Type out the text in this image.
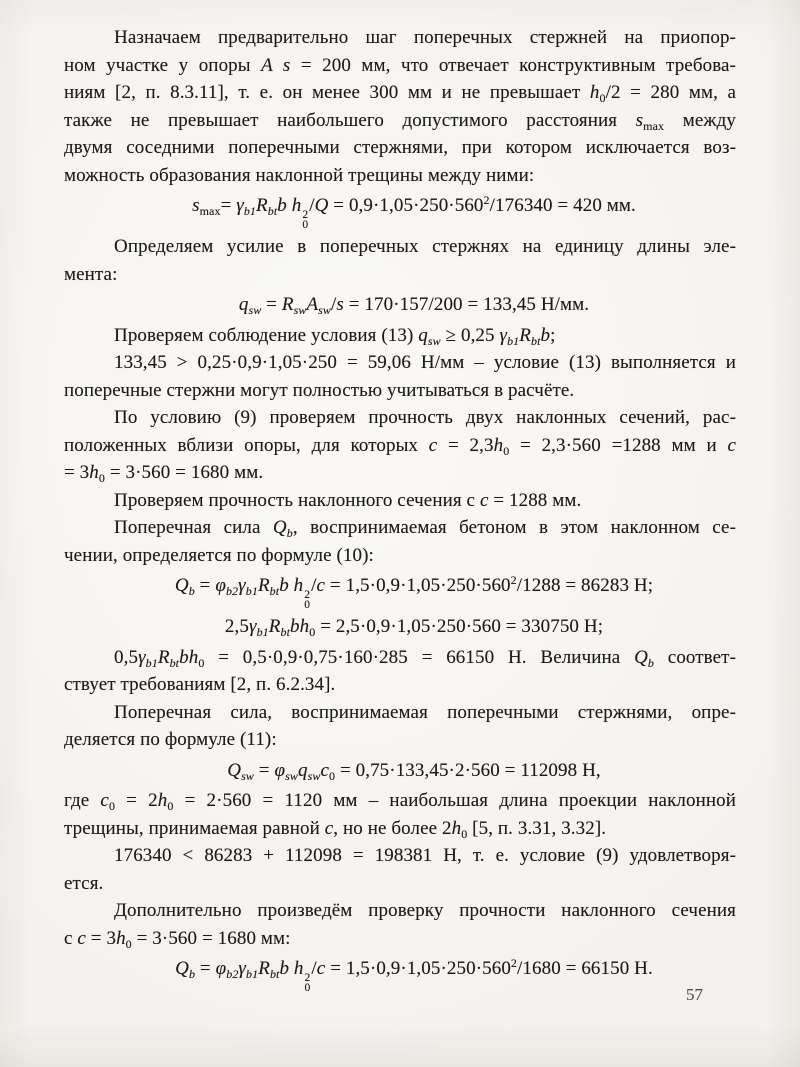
Назначаем предварительно шаг поперечных стержней на приопор-
ном участке у опоры A s = 200 мм, что отвечает конструктивным требова-
ниям [2, п. 8.3.11], т. е. он менее 300 мм и не превышает $h_0/2 = 280$ мм, а
также не превышает наибольшего допустимого расстояния $s_{max}$ между
двумя соседними поперечными стержнями, при котором исключается воз-
можность образования наклонной трещины между ними:
$s_{max}= \gamma_{b1}R_{bt}b$ h 2
0
$/Q = 0,9\cdot 1,05\cdot 250\cdot 560^2/176340 = 420$ мм.
Определяем усилие в поперечных стержнях на единицу длины эле-
мента:
$q_{sw} = R_{sw}A_{sw}/s = 170\cdot 157/200 = 133,45$ Н/мм.
Проверяем соблюдение условия (13) $q_{sw} \ge 0,25$ $\gamma_{b1}R_{bt}b$;
133,45 > 0,25·0,9·1,05·250 = 59,06 Н/мм – условие (13) выполняется и
поперечные стержни могут полностью учитываться в расчёте.
По условию (9) проверяем прочность двух наклонных сечений, рас-
положенных вблизи опоры, для которых $c = 2,3h_0 = 2,3\cdot 560 =1288$ мм и c
= $3h_0 = 3\cdot 560 = 1680$ мм.
Проверяем прочность наклонного сечения с c = 1288 мм.
Поперечная сила $Q_b$, воспринимаемая бетоном в этом наклонном се-
чении, определяется по формуле (10):
$Q_b = \varphi_{b2}\gamma_{b1}R_{bt}b$ h 2
0
$/c = 1,5\cdot 0,9\cdot 1,05\cdot 250\cdot 560^2/1288 = 86283$ Н;
$2,5\gamma_{b1}R_{bt}bh_0 = 2,5\cdot 0,9\cdot 1,05\cdot 250\cdot 560 = 330750$ Н;
$0,5\gamma_{b1}R_{bt}bh_0 = 0,5\cdot 0,9\cdot 0,75\cdot 160\cdot 285 = 66150$ Н. Величина $Q_b$ соответ-
ствует требованиям [2, п. 6.2.34].
Поперечная сила, воспринимаемая поперечными стержнями, опре-
деляется по формуле (11):
$Q_{sw} = \varphi_{sw}q_{sw}c_0 = 0,75\cdot 133,45\cdot 2\cdot 560 = 112098$ Н,
где $c_0 = 2h_0 = 2\cdot 560 = 1120$ мм – наибольшая длина проекции наклонной
трещины, принимаемая равной c, но не более $2h_0$ [5, п. 3.31, 3.32].
176340 < 86283 + 112098 = 198381 Н, т. е. условие (9) удовлетворя-
ется.
Дополнительно произведём проверку прочности наклонного сечения
с $c = 3h_0 = 3\cdot 560 = 1680$ мм:
$Q_b = \varphi_{b2}\gamma_{b1}R_{bt}b$ h 2
0
$/c = 1,5\cdot 0,9\cdot 1,05\cdot 250\cdot 560^2/1680 = 66150$ Н.
57
